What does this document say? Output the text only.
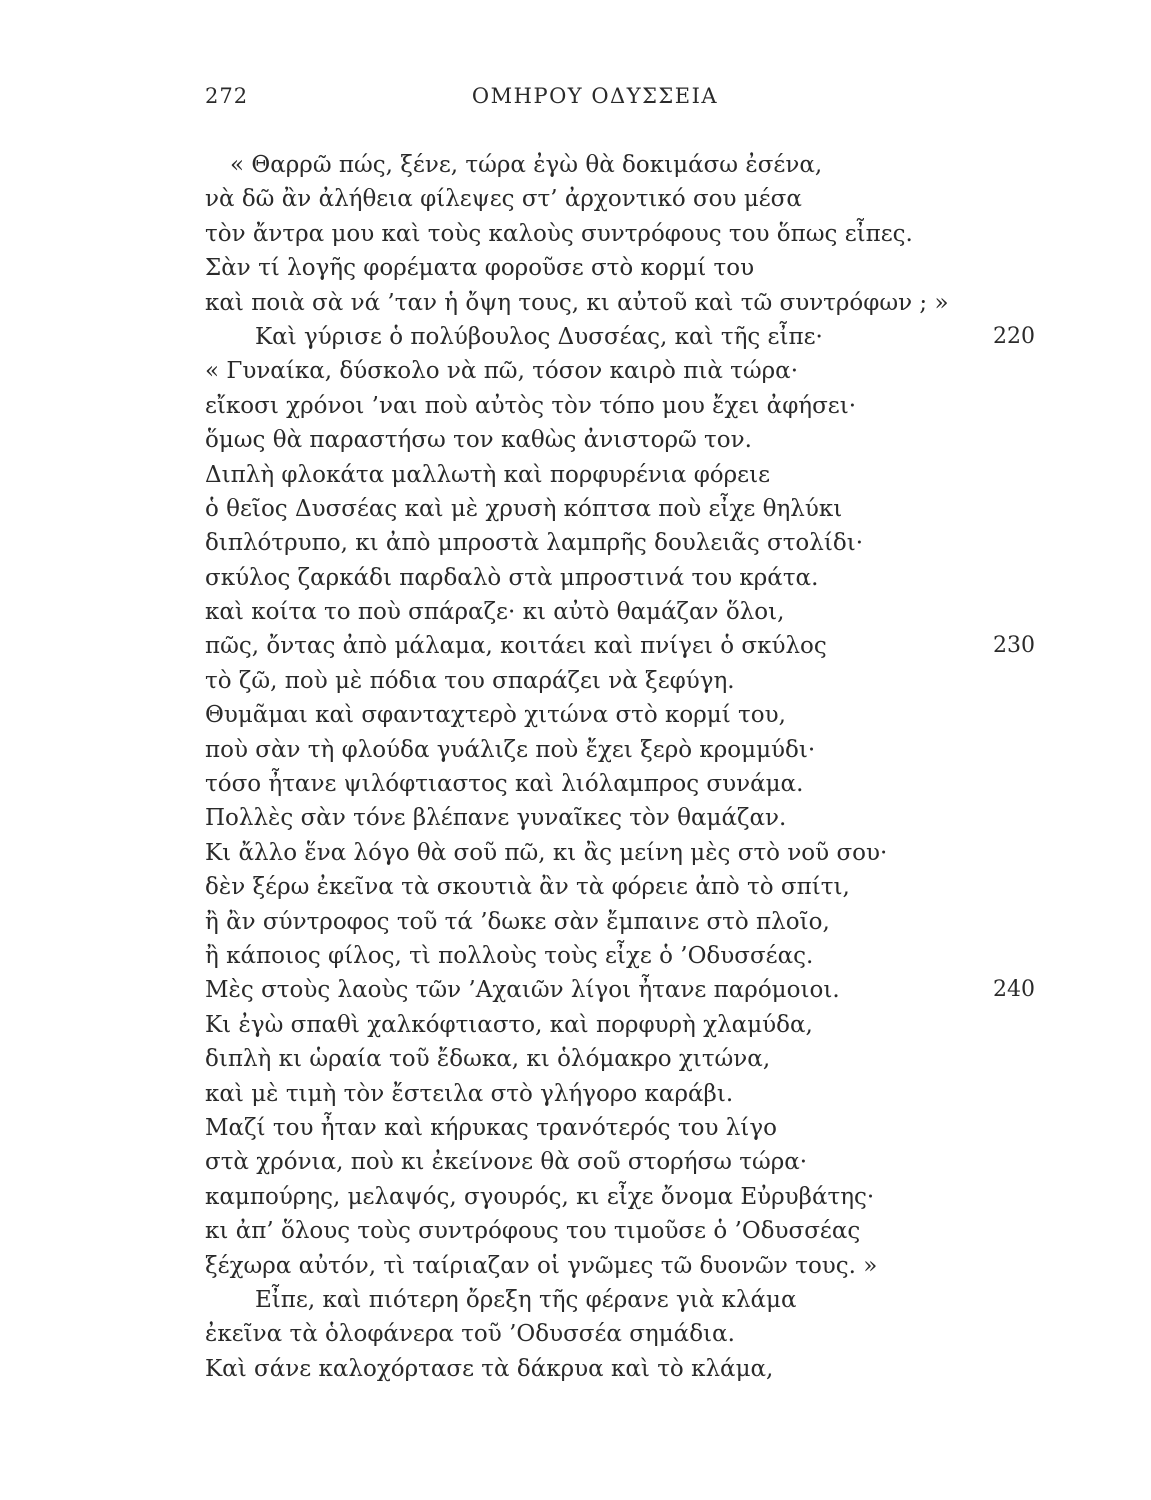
272	ΟΜΗΡΟΥ ΟΔΥΣΣΕΙΑ
« Θαρρῶ πώς, ξένε, τώρα ἐγὼ θὰ δοκιμάσω ἐσένα,
νὰ δῶ ἂν ἀλήθεια φίλεψες στ’ ἀρχοντικό σου μέσα
τὸν ἄντρα μου καὶ τοὺς καλοὺς συντρόφους του ὅπως εἶπες.
Σὰν τί λογῆς φορέματα φοροῦσε στὸ κορμί του
καὶ ποιὰ σὰ νά ’ταν ἡ ὄψη τους, κι αὐτοῦ καὶ τῶ συντρόφων ; »
Καὶ γύρισε ὁ πολύβουλος Δυσσέας, καὶ τῆς εἶπε·	220
« Γυναίκα, δύσκολο νὰ πῶ, τόσον καιρὸ πιὰ τώρα·
εἴκοσι χρόνοι ’ναι ποὺ αὐτὸς τὸν τόπο μου ἔχει ἀφήσει·
ὅμως θὰ παραστήσω τον καθὼς ἀνιστορῶ τον.
Διπλὴ φλοκάτα μαλλωτὴ καὶ πορφυρένια φόρειε
ὁ θεῖος Δυσσέας καὶ μὲ χρυσὴ κόπτσα ποὺ εἶχε θηλύκι
διπλότρυπο, κι ἀπὸ μπροστὰ λαμπρῆς δουλειᾶς στολίδι·
σκύλος ζαρκάδι παρδαλὸ στὰ μπροστινά του κράτα.
καὶ κοίτα το ποὺ σπάραζε· κι αὐτὸ θαμάζαν ὅλοι,
πῶς, ὄντας ἀπὸ μάλαμα, κοιτάει καὶ πνίγει ὁ σκύλος	230
τὸ ζῶ, ποὺ μὲ πόδια του σπαράζει νὰ ξεφύγη.
Θυμᾶμαι καὶ σφανταχτερὸ χιτώνα στὸ κορμί του,
ποὺ σὰν τὴ φλούδα γυάλιζε ποὺ ἔχει ξερὸ κρομμύδι·
τόσο ἦτανε ψιλόφτιαστος καὶ λιόλαμπρος συνάμα.
Πολλὲς σὰν τόνε βλέπανε γυναῖκες τὸν θαμάζαν.
Κι ἄλλο ἕνα λόγο θὰ σοῦ πῶ, κι ἂς μείνη μὲς στὸ νοῦ σου·
δὲν ξέρω ἐκεῖνα τὰ σκουτιὰ ἂν τὰ φόρειε ἀπὸ τὸ σπίτι,
ἢ ἂν σύντροφος τοῦ τά ’δωκε σὰν ἔμπαινε στὸ πλοῖο,
ἢ κάποιος φίλος, τὶ πολλοὺς τοὺς εἶχε ὁ ’Οδυσσέας.
Μὲς στοὺς λαοὺς τῶν ’Αχαιῶν λίγοι ἦτανε παρόμοιοι.	240
Κι ἐγὼ σπαθὶ χαλκόφτιαστο, καὶ πορφυρὴ χλαμύδα,
διπλὴ κι ὡραία τοῦ ἔδωκα, κι ὁλόμακρο χιτώνα,
καὶ μὲ τιμὴ τὸν ἔστειλα στὸ γλήγορο καράβι.
Μαζί του ἦταν καὶ κήρυκας τρανότερός του λίγο
στὰ χρόνια, ποὺ κι ἐκείνονε θὰ σοῦ στορήσω τώρα·
καμπούρης, μελαψός, σγουρός, κι εἶχε ὄνομα Εὐρυβάτης·
κι ἀπ’ ὅλους τοὺς συντρόφους του τιμοῦσε ὁ ’Οδυσσέας
ξέχωρα αὐτόν, τὶ ταίριαζαν οἱ γνῶμες τῶ δυονῶν τους. »
Εἶπε, καὶ πιότερη ὄρεξη τῆς φέρανε γιὰ κλάμα
ἐκεῖνα τὰ ὁλοφάνερα τοῦ ’Οδυσσέα σημάδια.
Καὶ σάνε καλοχόρτασε τὰ δάκρυα καὶ τὸ κλάμα,
